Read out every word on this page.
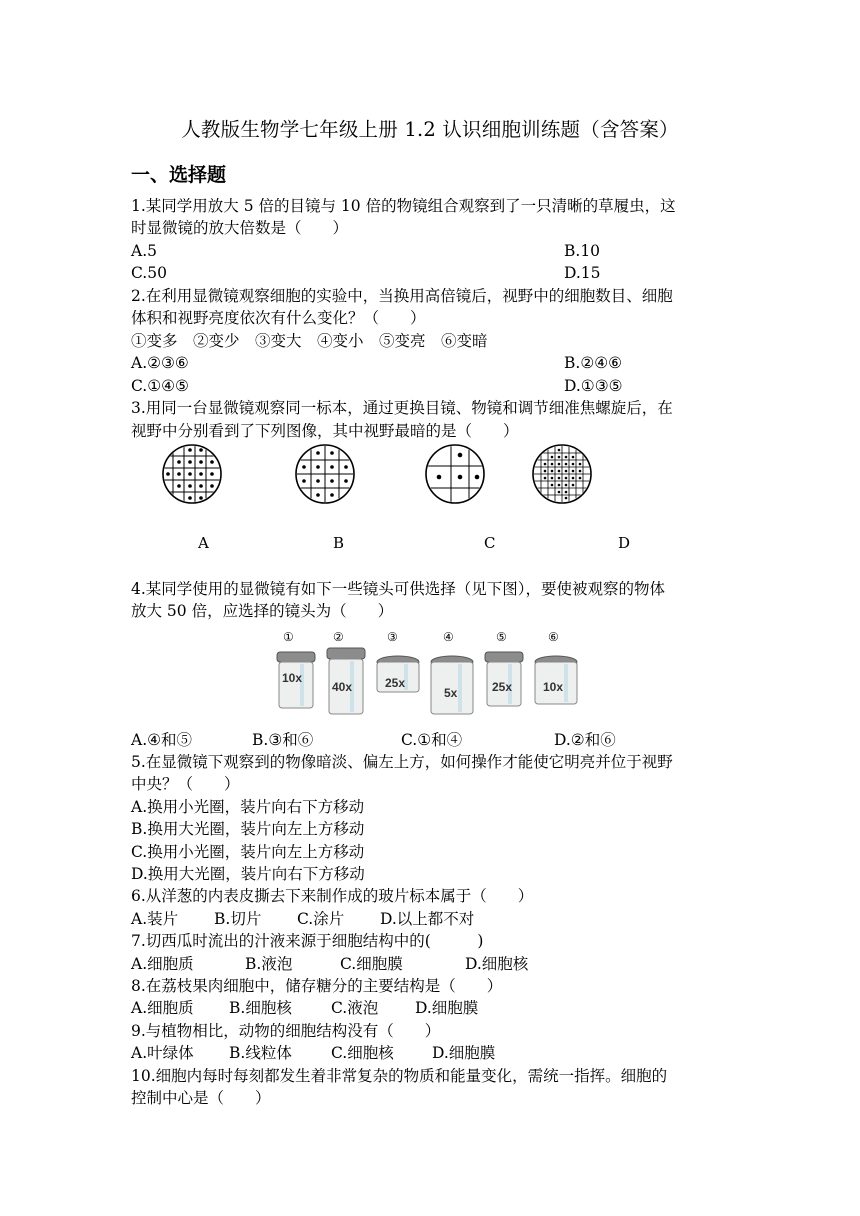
人教版生物学七年级上册 1.2 认识细胞训练题（含答案）
一、选择题
1.某同学用放大 5 倍的目镜与 10 倍的物镜组合观察到了一只清晰的草履虫，这
时显微镜的放大倍数是（　　）
A.5	B.10
C.50	D.15
2.在利用显微镜观察细胞的实验中，当换用高倍镜后，视野中的细胞数目、细胞
体积和视野亮度依次有什么变化？（　　）
①变多　②变少　③变大　④变小　⑤变亮　⑥变暗
A.②③⑥	B.②④⑥
C.①④⑤	D.①③⑤
3.用同一台显微镜观察同一标本，通过更换目镜、物镜和调节细准焦螺旋后，在
视野中分别看到了下列图像，其中视野最暗的是（　　）
A	B	C	D
4.某同学使用的显微镜有如下一些镜头可供选择（见下图），要使被观察的物体
放大 50 倍，应选择的镜头为（　　）
①
10x
②
40x
③
25x
④
5x
⑤
25x
⑥
10x
A.④和⑤	B.③和⑥	C.①和④	D.②和⑥
5.在显微镜下观察到的物像暗淡、偏左上方，如何操作才能使它明亮并位于视野
中央？（　　）
A.换用小光圈，装片向右下方移动
B.换用大光圈，装片向左上方移动
C.换用小光圈，装片向左上方移动
D.换用大光圈，装片向右下方移动
6.从洋葱的内表皮撕去下来制作成的玻片标本属于（　　）
A.装片 B.切片 C.涂片 D.以上都不对
7.切西瓜时流出的汁液来源于细胞结构中的(　　　)
A.细胞质	B.液泡	C.细胞膜	D.细胞核
8.在荔枝果肉细胞中，储存糖分的主要结构是（　　）
A.细胞质 B.细胞核	C.液泡 D.细胞膜
9.与植物相比，动物的细胞结构没有（　　）
A.叶绿体 B.线粒体	C.细胞核 D.细胞膜
10.细胞内每时每刻都发生着非常复杂的物质和能量变化，需统一指挥。细胞的
控制中心是（　　）
